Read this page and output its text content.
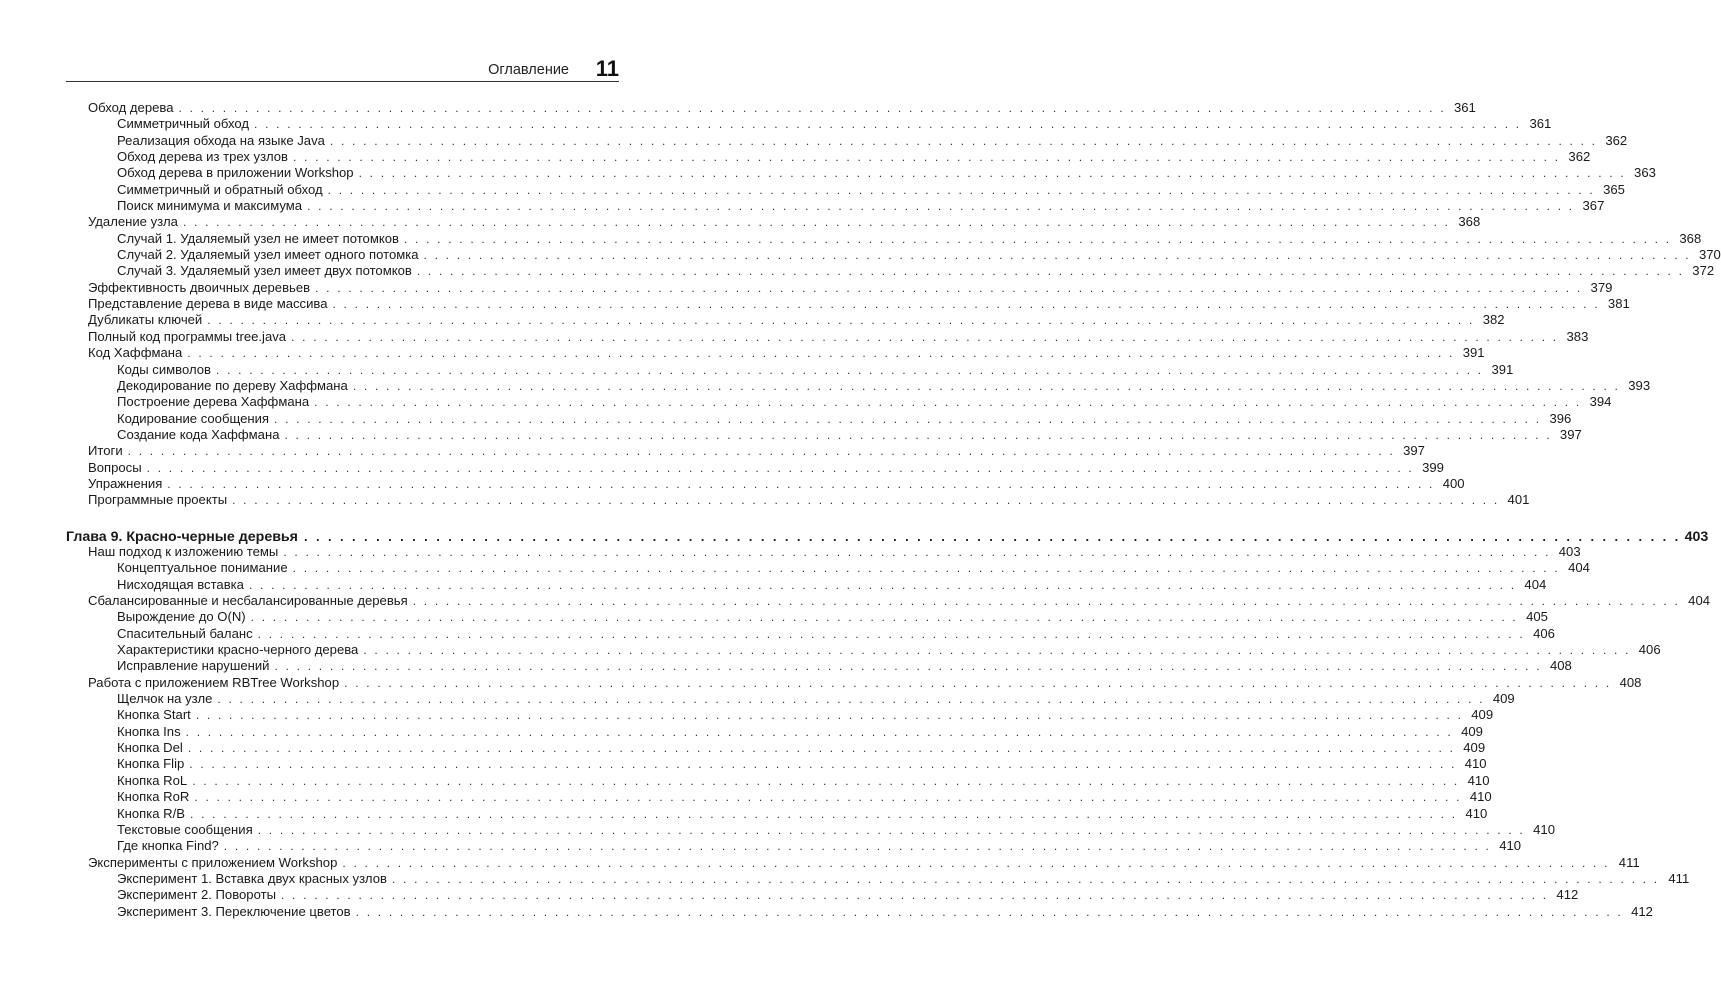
Оглавление 11
Обход дерева . . . . . . . . . . . . . . . . . . . . . . . . . . . . . . . . . . . . . . . . . . . . . . . . . . . . . . . . . . . . . . . . . . . . . . . . . . . . . . . . . . . . . . . . . . . . . . . . . . . . . . . . . . . . . . . . . . . 361
Симметричный обход . . . . . . . . . . . . . . . . . . . . . . . . . . . . . . . . . . . . . . . . . . . . . . . . . . . . . . . . . . . . . . . . . . . . . . . . . . . . . . . . . . . . . . . . . . . . . . . . . . . . . . . . . . . . . . . . . . . 361
Реализация обхода на языке Java . . . . . . . . . . . . . . . . . . . . . . . . . . . . . . . . . . . . . . . . . . . . . . . . . . . . . . . . . . . . . . . . . . . . . . . . . . . . . . . . . . . . . . . . . . . . . . . . . . . . . . . . . . . . . . . . . . . 362
Обход дерева из трех узлов . . . . . . . . . . . . . . . . . . . . . . . . . . . . . . . . . . . . . . . . . . . . . . . . . . . . . . . . . . . . . . . . . . . . . . . . . . . . . . . . . . . . . . . . . . . . . . . . . . . . . . . . . . . . . . . . . . . 362
Обход дерева в приложении Workshop . . . . . . . . . . . . . . . . . . . . . . . . . . . . . . . . . . . . . . . . . . . . . . . . . . . . . . . . . . . . . . . . . . . . . . . . . . . . . . . . . . . . . . . . . . . . . . . . . . . . . . . . . . . . . . . . . . . 363
Симметричный и обратный обход . . . . . . . . . . . . . . . . . . . . . . . . . . . . . . . . . . . . . . . . . . . . . . . . . . . . . . . . . . . . . . . . . . . . . . . . . . . . . . . . . . . . . . . . . . . . . . . . . . . . . . . . . . . . . . . . . . . 365
Поиск минимума и максимума . . . . . . . . . . . . . . . . . . . . . . . . . . . . . . . . . . . . . . . . . . . . . . . . . . . . . . . . . . . . . . . . . . . . . . . . . . . . . . . . . . . . . . . . . . . . . . . . . . . . . . . . . . . . . . . . . . . 367
Удаление узла . . . . . . . . . . . . . . . . . . . . . . . . . . . . . . . . . . . . . . . . . . . . . . . . . . . . . . . . . . . . . . . . . . . . . . . . . . . . . . . . . . . . . . . . . . . . . . . . . . . . . . . . . . . . . . . . . . . 368
Случай 1. Удаляемый узел не имеет потомков . . . . . . . . . . . . . . . . . . . . . . . . . . . . . . . . . . . . . . . . . . . . . . . . . . . . . . . . . . . . . . . . . . . . . . . . . . . . . . . . . . . . . . . . . . . . . . . . . . . . . . . . . . . . . . . . . . . 368
Случай 2. Удаляемый узел имеет одного потомка . . . . . . . . . . . . . . . . . . . . . . . . . . . . . . . . . . . . . . . . . . . . . . . . . . . . . . . . . . . . . . . . . . . . . . . . . . . . . . . . . . . . . . . . . . . . . . . . . . . . . . . . . . . . . . . . . . . 370
Случай 3. Удаляемый узел имеет двух потомков . . . . . . . . . . . . . . . . . . . . . . . . . . . . . . . . . . . . . . . . . . . . . . . . . . . . . . . . . . . . . . . . . . . . . . . . . . . . . . . . . . . . . . . . . . . . . . . . . . . . . . . . . . . . . . . . . . . 372
Эффективность двоичных деревьев . . . . . . . . . . . . . . . . . . . . . . . . . . . . . . . . . . . . . . . . . . . . . . . . . . . . . . . . . . . . . . . . . . . . . . . . . . . . . . . . . . . . . . . . . . . . . . . . . . . . . . . . . . . . . . . . . . . 379
Представление дерева в виде массива . . . . . . . . . . . . . . . . . . . . . . . . . . . . . . . . . . . . . . . . . . . . . . . . . . . . . . . . . . . . . . . . . . . . . . . . . . . . . . . . . . . . . . . . . . . . . . . . . . . . . . . . . . . . . . . . . . . 381
Дубликаты ключей . . . . . . . . . . . . . . . . . . . . . . . . . . . . . . . . . . . . . . . . . . . . . . . . . . . . . . . . . . . . . . . . . . . . . . . . . . . . . . . . . . . . . . . . . . . . . . . . . . . . . . . . . . . . . . . . . . . 382
Полный код программы tree.java . . . . . . . . . . . . . . . . . . . . . . . . . . . . . . . . . . . . . . . . . . . . . . . . . . . . . . . . . . . . . . . . . . . . . . . . . . . . . . . . . . . . . . . . . . . . . . . . . . . . . . . . . . . . . . . . . . . 383
Код Хаффмана . . . . . . . . . . . . . . . . . . . . . . . . . . . . . . . . . . . . . . . . . . . . . . . . . . . . . . . . . . . . . . . . . . . . . . . . . . . . . . . . . . . . . . . . . . . . . . . . . . . . . . . . . . . . . . . . . . . 391
Коды символов . . . . . . . . . . . . . . . . . . . . . . . . . . . . . . . . . . . . . . . . . . . . . . . . . . . . . . . . . . . . . . . . . . . . . . . . . . . . . . . . . . . . . . . . . . . . . . . . . . . . . . . . . . . . . . . . . . . 391
Декодирование по дереву Хаффмана . . . . . . . . . . . . . . . . . . . . . . . . . . . . . . . . . . . . . . . . . . . . . . . . . . . . . . . . . . . . . . . . . . . . . . . . . . . . . . . . . . . . . . . . . . . . . . . . . . . . . . . . . . . . . . . . . . . 393
Построение дерева Хаффмана . . . . . . . . . . . . . . . . . . . . . . . . . . . . . . . . . . . . . . . . . . . . . . . . . . . . . . . . . . . . . . . . . . . . . . . . . . . . . . . . . . . . . . . . . . . . . . . . . . . . . . . . . . . . . . . . . . . 394
Кодирование сообщения . . . . . . . . . . . . . . . . . . . . . . . . . . . . . . . . . . . . . . . . . . . . . . . . . . . . . . . . . . . . . . . . . . . . . . . . . . . . . . . . . . . . . . . . . . . . . . . . . . . . . . . . . . . . . . . . . . . 396
Создание кода Хаффмана . . . . . . . . . . . . . . . . . . . . . . . . . . . . . . . . . . . . . . . . . . . . . . . . . . . . . . . . . . . . . . . . . . . . . . . . . . . . . . . . . . . . . . . . . . . . . . . . . . . . . . . . . . . . . . . . . . . 397
Итоги . . . . . . . . . . . . . . . . . . . . . . . . . . . . . . . . . . . . . . . . . . . . . . . . . . . . . . . . . . . . . . . . . . . . . . . . . . . . . . . . . . . . . . . . . . . . . . . . . . . . . . . . . . . . . . . . . . . 397
Вопросы . . . . . . . . . . . . . . . . . . . . . . . . . . . . . . . . . . . . . . . . . . . . . . . . . . . . . . . . . . . . . . . . . . . . . . . . . . . . . . . . . . . . . . . . . . . . . . . . . . . . . . . . . . . . . . . . . . . 399
Упражнения . . . . . . . . . . . . . . . . . . . . . . . . . . . . . . . . . . . . . . . . . . . . . . . . . . . . . . . . . . . . . . . . . . . . . . . . . . . . . . . . . . . . . . . . . . . . . . . . . . . . . . . . . . . . . . . . . . . 400
Программные проекты . . . . . . . . . . . . . . . . . . . . . . . . . . . . . . . . . . . . . . . . . . . . . . . . . . . . . . . . . . . . . . . . . . . . . . . . . . . . . . . . . . . . . . . . . . . . . . . . . . . . . . . . . . . . . . . . . . . 401
Глава 9. Красно-черные деревья . . . . . . . . . . . . . . . . . . . . . . . . . . . . . . . . . . . . . . . . . . . . . . . . . . . . . . . . . . . . . . . . . . . . . . . . . . . . . . . . . . . . . . . . . . . . . . . . . . . . . . . . . . . . . . . . . . . 403
Наш подход к изложению темы . . . . . . . . . . . . . . . . . . . . . . . . . . . . . . . . . . . . . . . . . . . . . . . . . . . . . . . . . . . . . . . . . . . . . . . . . . . . . . . . . . . . . . . . . . . . . . . . . . . . . . . . . . . . . . . . . . . 403
Концептуальное понимание . . . . . . . . . . . . . . . . . . . . . . . . . . . . . . . . . . . . . . . . . . . . . . . . . . . . . . . . . . . . . . . . . . . . . . . . . . . . . . . . . . . . . . . . . . . . . . . . . . . . . . . . . . . . . . . . . . . 404
Нисходящая вставка . . . . . . . . . . . . . . . . . . . . . . . . . . . . . . . . . . . . . . . . . . . . . . . . . . . . . . . . . . . . . . . . . . . . . . . . . . . . . . . . . . . . . . . . . . . . . . . . . . . . . . . . . . . . . . . . . . . 404
Сбалансированные и несбалансированные деревья . . . . . . . . . . . . . . . . . . . . . . . . . . . . . . . . . . . . . . . . . . . . . . . . . . . . . . . . . . . . . . . . . . . . . . . . . . . . . . . . . . . . . . . . . . . . . . . . . . . . . . . . . . . . . . . . . . . 404
Вырождение до O(N) . . . . . . . . . . . . . . . . . . . . . . . . . . . . . . . . . . . . . . . . . . . . . . . . . . . . . . . . . . . . . . . . . . . . . . . . . . . . . . . . . . . . . . . . . . . . . . . . . . . . . . . . . . . . . . . . . . . 405
Спасительный баланс . . . . . . . . . . . . . . . . . . . . . . . . . . . . . . . . . . . . . . . . . . . . . . . . . . . . . . . . . . . . . . . . . . . . . . . . . . . . . . . . . . . . . . . . . . . . . . . . . . . . . . . . . . . . . . . . . . . 406
Характеристики красно-черного дерева . . . . . . . . . . . . . . . . . . . . . . . . . . . . . . . . . . . . . . . . . . . . . . . . . . . . . . . . . . . . . . . . . . . . . . . . . . . . . . . . . . . . . . . . . . . . . . . . . . . . . . . . . . . . . . . . . . . 406
Исправление нарушений . . . . . . . . . . . . . . . . . . . . . . . . . . . . . . . . . . . . . . . . . . . . . . . . . . . . . . . . . . . . . . . . . . . . . . . . . . . . . . . . . . . . . . . . . . . . . . . . . . . . . . . . . . . . . . . . . . . 408
Работа с приложением RBTree Workshop . . . . . . . . . . . . . . . . . . . . . . . . . . . . . . . . . . . . . . . . . . . . . . . . . . . . . . . . . . . . . . . . . . . . . . . . . . . . . . . . . . . . . . . . . . . . . . . . . . . . . . . . . . . . . . . . . . . 408
Щелчок на узле . . . . . . . . . . . . . . . . . . . . . . . . . . . . . . . . . . . . . . . . . . . . . . . . . . . . . . . . . . . . . . . . . . . . . . . . . . . . . . . . . . . . . . . . . . . . . . . . . . . . . . . . . . . . . . . . . . . 409
Кнопка Start . . . . . . . . . . . . . . . . . . . . . . . . . . . . . . . . . . . . . . . . . . . . . . . . . . . . . . . . . . . . . . . . . . . . . . . . . . . . . . . . . . . . . . . . . . . . . . . . . . . . . . . . . . . . . . . . . . . 409
Кнопка Ins . . . . . . . . . . . . . . . . . . . . . . . . . . . . . . . . . . . . . . . . . . . . . . . . . . . . . . . . . . . . . . . . . . . . . . . . . . . . . . . . . . . . . . . . . . . . . . . . . . . . . . . . . . . . . . . . . . . 409
Кнопка Del . . . . . . . . . . . . . . . . . . . . . . . . . . . . . . . . . . . . . . . . . . . . . . . . . . . . . . . . . . . . . . . . . . . . . . . . . . . . . . . . . . . . . . . . . . . . . . . . . . . . . . . . . . . . . . . . . . . 409
Кнопка Flip . . . . . . . . . . . . . . . . . . . . . . . . . . . . . . . . . . . . . . . . . . . . . . . . . . . . . . . . . . . . . . . . . . . . . . . . . . . . . . . . . . . . . . . . . . . . . . . . . . . . . . . . . . . . . . . . . . . 410
Кнопка RoL . . . . . . . . . . . . . . . . . . . . . . . . . . . . . . . . . . . . . . . . . . . . . . . . . . . . . . . . . . . . . . . . . . . . . . . . . . . . . . . . . . . . . . . . . . . . . . . . . . . . . . . . . . . . . . . . . . . 410
Кнопка RoR . . . . . . . . . . . . . . . . . . . . . . . . . . . . . . . . . . . . . . . . . . . . . . . . . . . . . . . . . . . . . . . . . . . . . . . . . . . . . . . . . . . . . . . . . . . . . . . . . . . . . . . . . . . . . . . . . . . 410
Кнопка R/B . . . . . . . . . . . . . . . . . . . . . . . . . . . . . . . . . . . . . . . . . . . . . . . . . . . . . . . . . . . . . . . . . . . . . . . . . . . . . . . . . . . . . . . . . . . . . . . . . . . . . . . . . . . . . . . . . . . 410
Текстовые сообщения . . . . . . . . . . . . . . . . . . . . . . . . . . . . . . . . . . . . . . . . . . . . . . . . . . . . . . . . . . . . . . . . . . . . . . . . . . . . . . . . . . . . . . . . . . . . . . . . . . . . . . . . . . . . . . . . . . . 410
Где кнопка Find? . . . . . . . . . . . . . . . . . . . . . . . . . . . . . . . . . . . . . . . . . . . . . . . . . . . . . . . . . . . . . . . . . . . . . . . . . . . . . . . . . . . . . . . . . . . . . . . . . . . . . . . . . . . . . . . . . . . 410
Эксперименты с приложением Workshop . . . . . . . . . . . . . . . . . . . . . . . . . . . . . . . . . . . . . . . . . . . . . . . . . . . . . . . . . . . . . . . . . . . . . . . . . . . . . . . . . . . . . . . . . . . . . . . . . . . . . . . . . . . . . . . . . . . 411
Эксперимент 1. Вставка двух красных узлов . . . . . . . . . . . . . . . . . . . . . . . . . . . . . . . . . . . . . . . . . . . . . . . . . . . . . . . . . . . . . . . . . . . . . . . . . . . . . . . . . . . . . . . . . . . . . . . . . . . . . . . . . . . . . . . . . . . 411
Эксперимент 2. Повороты . . . . . . . . . . . . . . . . . . . . . . . . . . . . . . . . . . . . . . . . . . . . . . . . . . . . . . . . . . . . . . . . . . . . . . . . . . . . . . . . . . . . . . . . . . . . . . . . . . . . . . . . . . . . . . . . . . . 412
Эксперимент 3. Переключение цветов . . . . . . . . . . . . . . . . . . . . . . . . . . . . . . . . . . . . . . . . . . . . . . . . . . . . . . . . . . . . . . . . . . . . . . . . . . . . . . . . . . . . . . . . . . . . . . . . . . . . . . . . . . . . . . . . . . . 412
